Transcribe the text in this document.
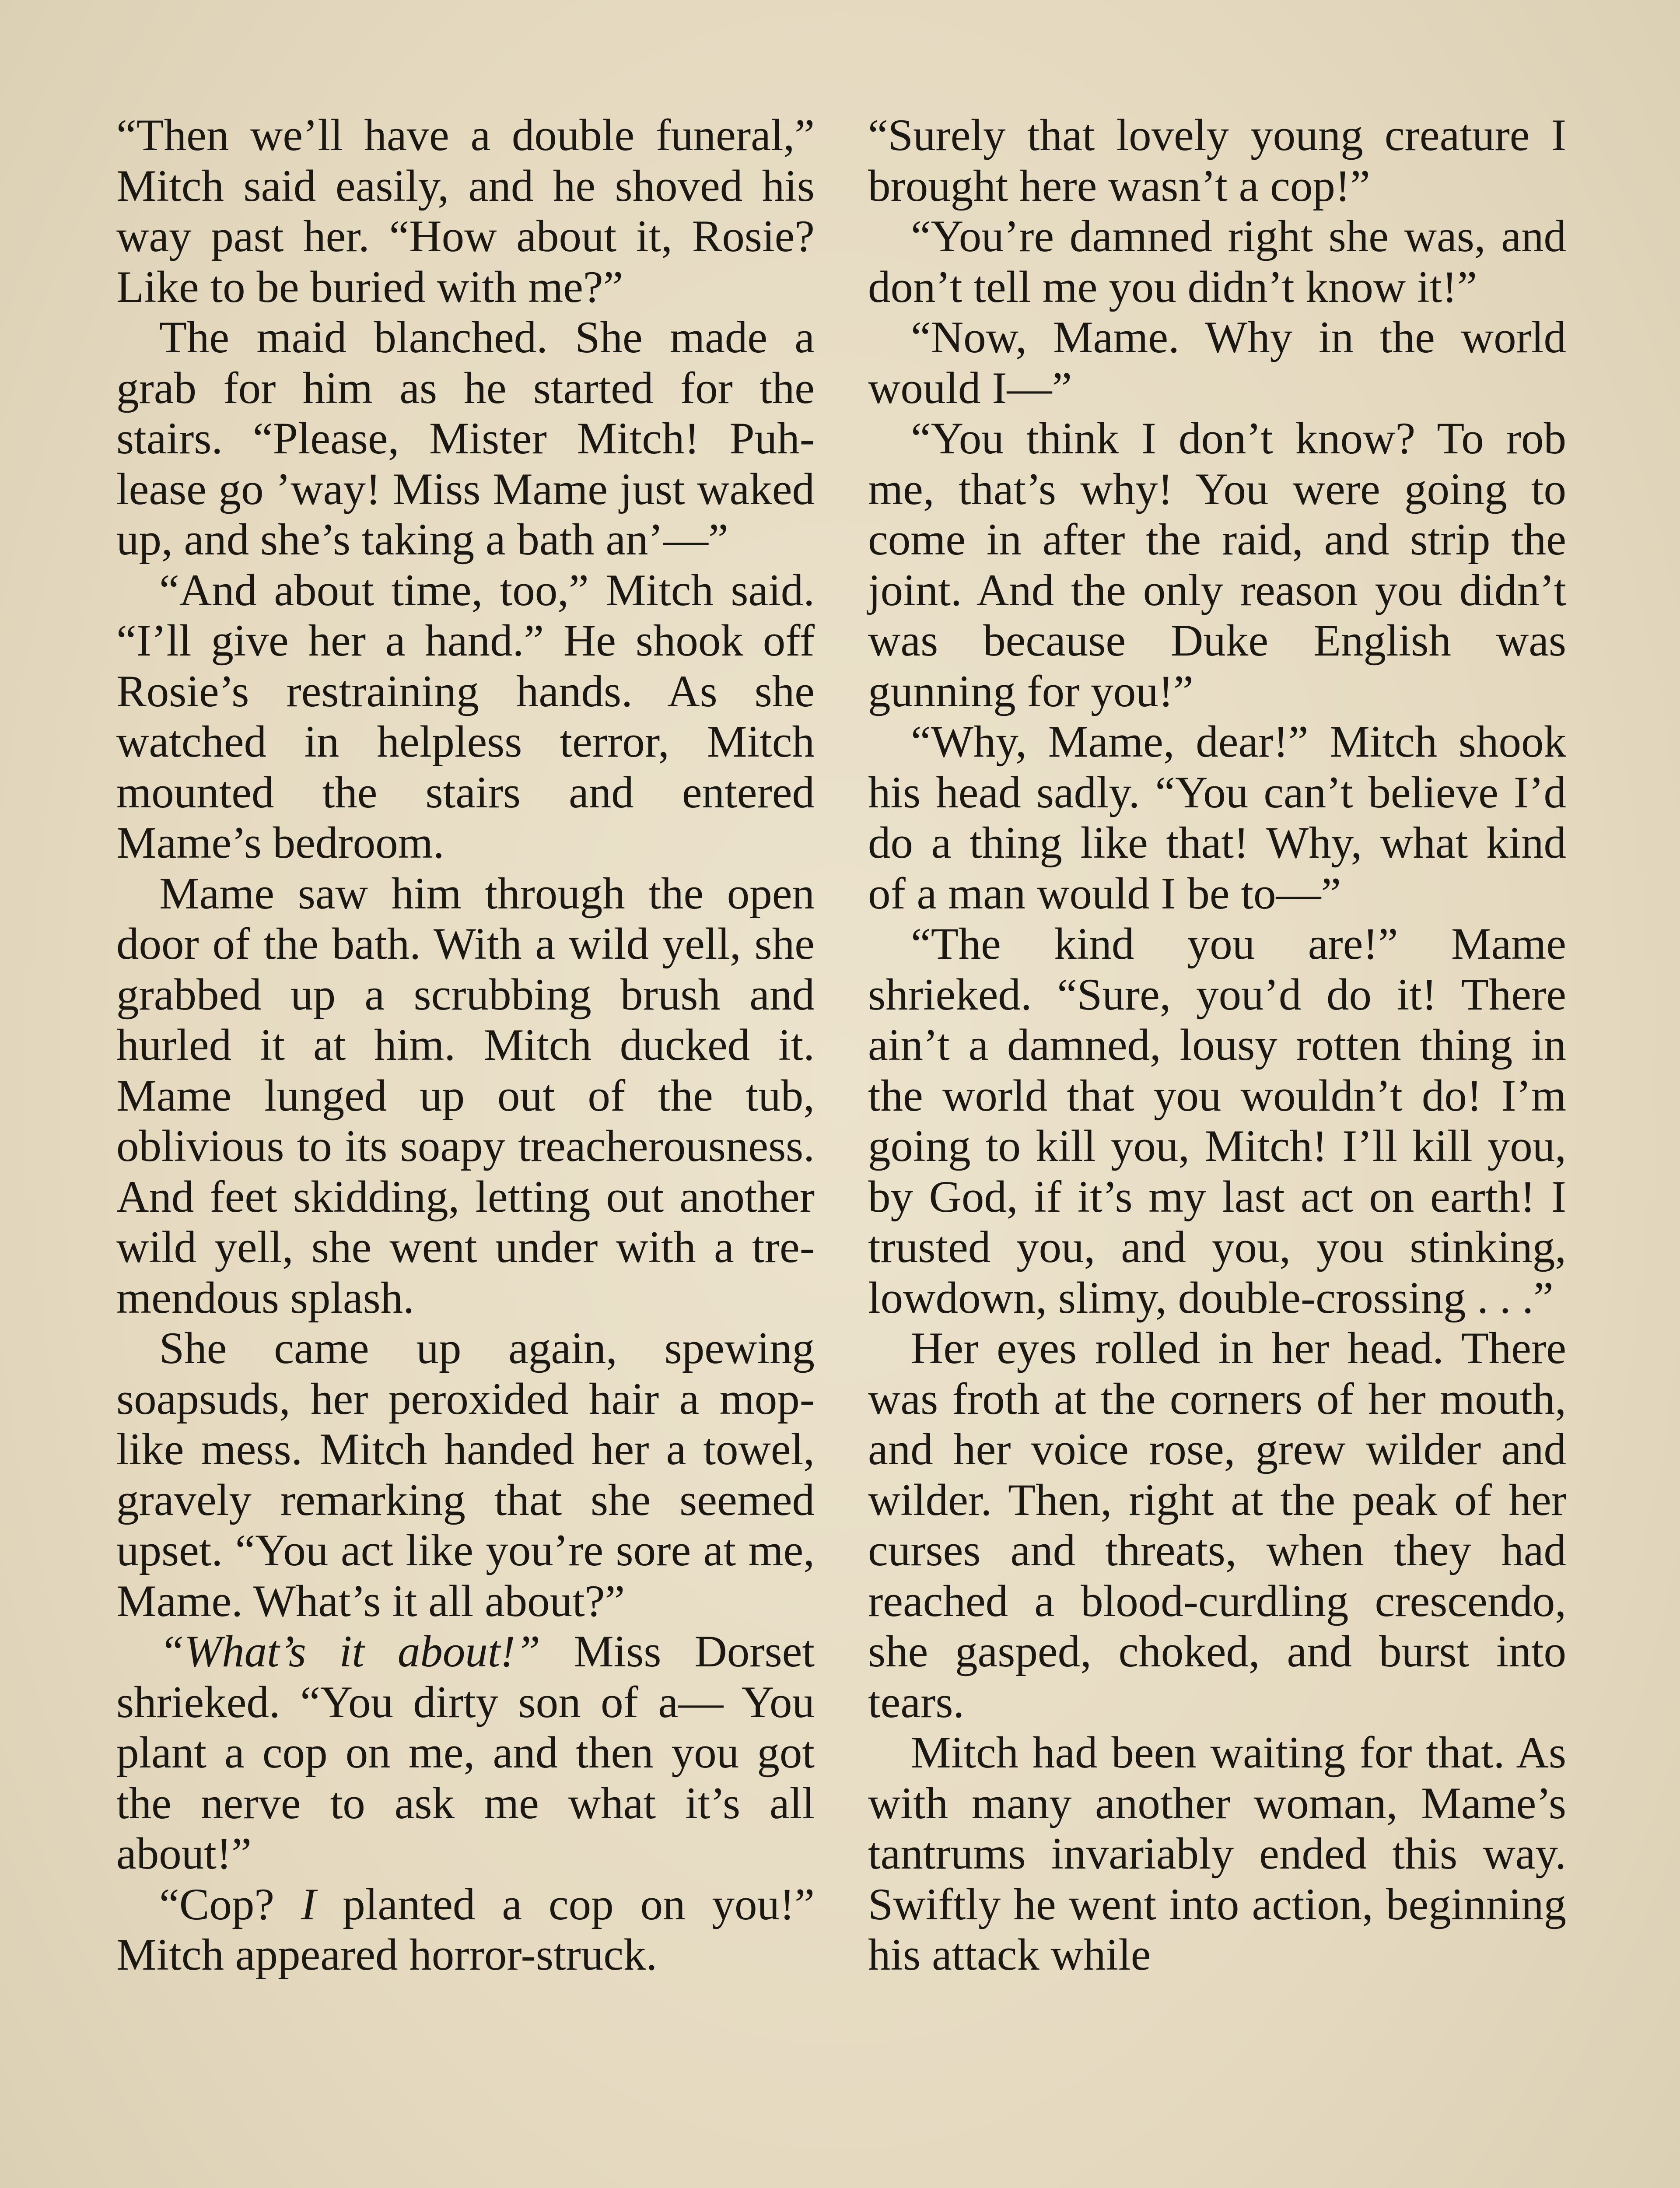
“Then we’ll have a double funeral,” Mitch said easily, and he shoved his way past her. “How about it, Rosie? Like to be buried with me?”

The maid blanched. She made a grab for him as he started for the stairs. “Please, Mister Mitch! Puh-lease go ’way! Miss Mame just waked up, and she’s taking a bath an’—”

“And about time, too,” Mitch said. “I’ll give her a hand.” He shook off Rosie’s restraining hands. As she watched in helpless terror, Mitch mounted the stairs and entered Mame’s bedroom.

Mame saw him through the open door of the bath. With a wild yell, she grabbed up a scrubbing brush and hurled it at him. Mitch ducked it. Mame lunged up out of the tub, oblivious to its soapy treacherousness. And feet skidding, letting out another wild yell, she went under with a tremendous splash.

She came up again, spewing soapsuds, her peroxided hair a mop-like mess. Mitch handed her a towel, gravely remarking that she seemed upset. “You act like you’re sore at me, Mame. What’s it all about?”

“What’s it about!” Miss Dorset shrieked. “You dirty son of a— You plant a cop on me, and then you got the nerve to ask me what it’s all about!”

“Cop? I planted a cop on you!” Mitch appeared horror-struck.

“Surely that lovely young creature I brought here wasn’t a cop!”

“You’re damned right she was, and don’t tell me you didn’t know it!”

“Now, Mame. Why in the world would I—”

“You think I don’t know? To rob me, that’s why! You were going to come in after the raid, and strip the joint. And the only reason you didn’t was because Duke English was gunning for you!”

“Why, Mame, dear!” Mitch shook his head sadly. “You can’t believe I’d do a thing like that! Why, what kind of a man would I be to—”

“The kind you are!” Mame shrieked. “Sure, you’d do it! There ain’t a damned, lousy rotten thing in the world that you wouldn’t do! I’m going to kill you, Mitch! I’ll kill you, by God, if it’s my last act on earth! I trusted you, and you, you stinking, lowdown, slimy, double-crossing . . .”

Her eyes rolled in her head. There was froth at the corners of her mouth, and her voice rose, grew wilder and wilder. Then, right at the peak of her curses and threats, when they had reached a blood-curdling crescendo, she gasped, choked, and burst into tears.

Mitch had been waiting for that. As with many another woman, Mame’s tantrums invariably ended this way. Swiftly he went into action, beginning his attack while
